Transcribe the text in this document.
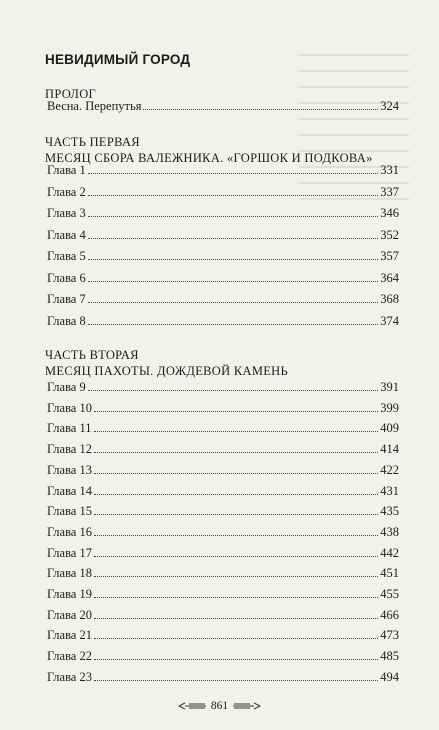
НЕВИДИМЫЙ ГОРОД
ПРОЛОГ
Весна. Перепутья	324
ЧАСТЬ ПЕРВАЯ
МЕСЯЦ СБОРА ВАЛЕЖНИКА. «ГОРШОК И ПОДКОВА»
Глава 1	331
Глава 2	337
Глава 3	346
Глава 4	352
Глава 5	357
Глава 6	364
Глава 7	368
Глава 8	374
ЧАСТЬ ВТОРАЯ
МЕСЯЦ ПАХОТЫ. ДОЖДЕВОЙ КАМЕНЬ
Глава 9	391
Глава 10	399
Глава 11	409
Глава 12	414
Глава 13	422
Глава 14	431
Глава 15	435
Глава 16	438
Глава 17	442
Глава 18	451
Глава 19	455
Глава 20	466
Глава 21	473
Глава 22	485
Глава 23	494
861
